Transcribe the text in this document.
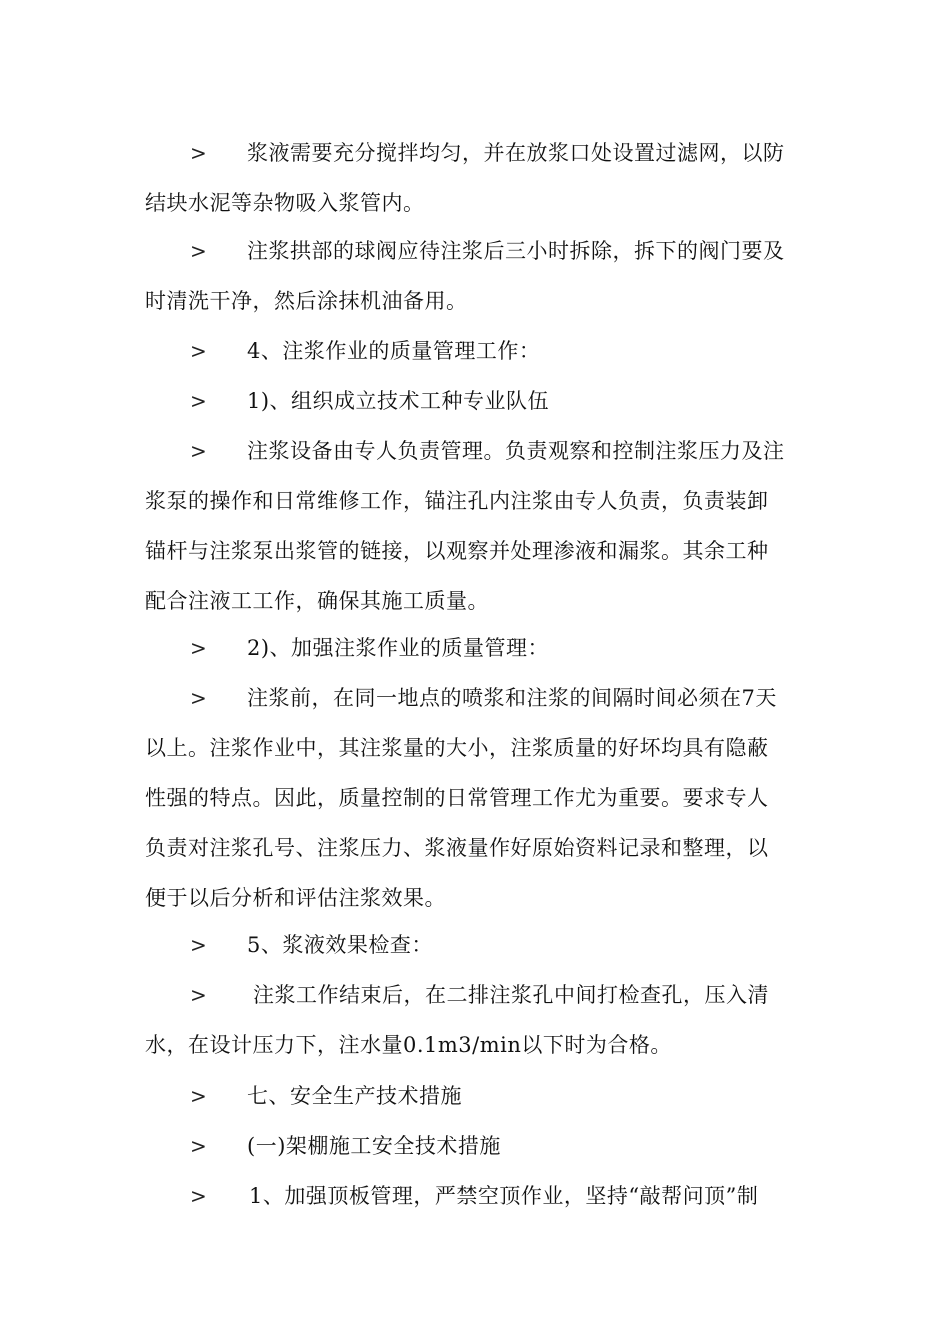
>	浆液需要充分搅拌均匀，并在放浆口处设置过滤网，以防
结块水泥等杂物吸入浆管内。
>	注浆拱部的球阀应待注浆后三小时拆除，拆下的阀门要及
时清洗干净，然后涂抹机油备用。
>	4、注浆作业的质量管理工作：
>	1)、组织成立技术工种专业队伍
>	注浆设备由专人负责管理。负责观察和控制注浆压力及注
浆泵的操作和日常维修工作，锚注孔内注浆由专人负责，负责装卸
锚杆与注浆泵出浆管的链接，以观察并处理渗液和漏浆。其余工种
配合注液工工作，确保其施工质量。
>	2)、加强注浆作业的质量管理：
>	注浆前，在同一地点的喷浆和注浆的间隔时间必须在7天
以上。注浆作业中，其注浆量的大小，注浆质量的好坏均具有隐蔽
性强的特点。因此，质量控制的日常管理工作尤为重要。要求专人
负责对注浆孔号、注浆压力、浆液量作好原始资料记录和整理，以
便于以后分析和评估注浆效果。
>	5、浆液效果检查：
>	注浆工作结束后，在二排注浆孔中间打检查孔，压入清
水，在设计压力下，注水量0.1m3/min以下时为合格。
>	七、安全生产技术措施
>	(一)架棚施工安全技术措施
>	1、加强顶板管理，严禁空顶作业，坚持“敲帮问顶”制
